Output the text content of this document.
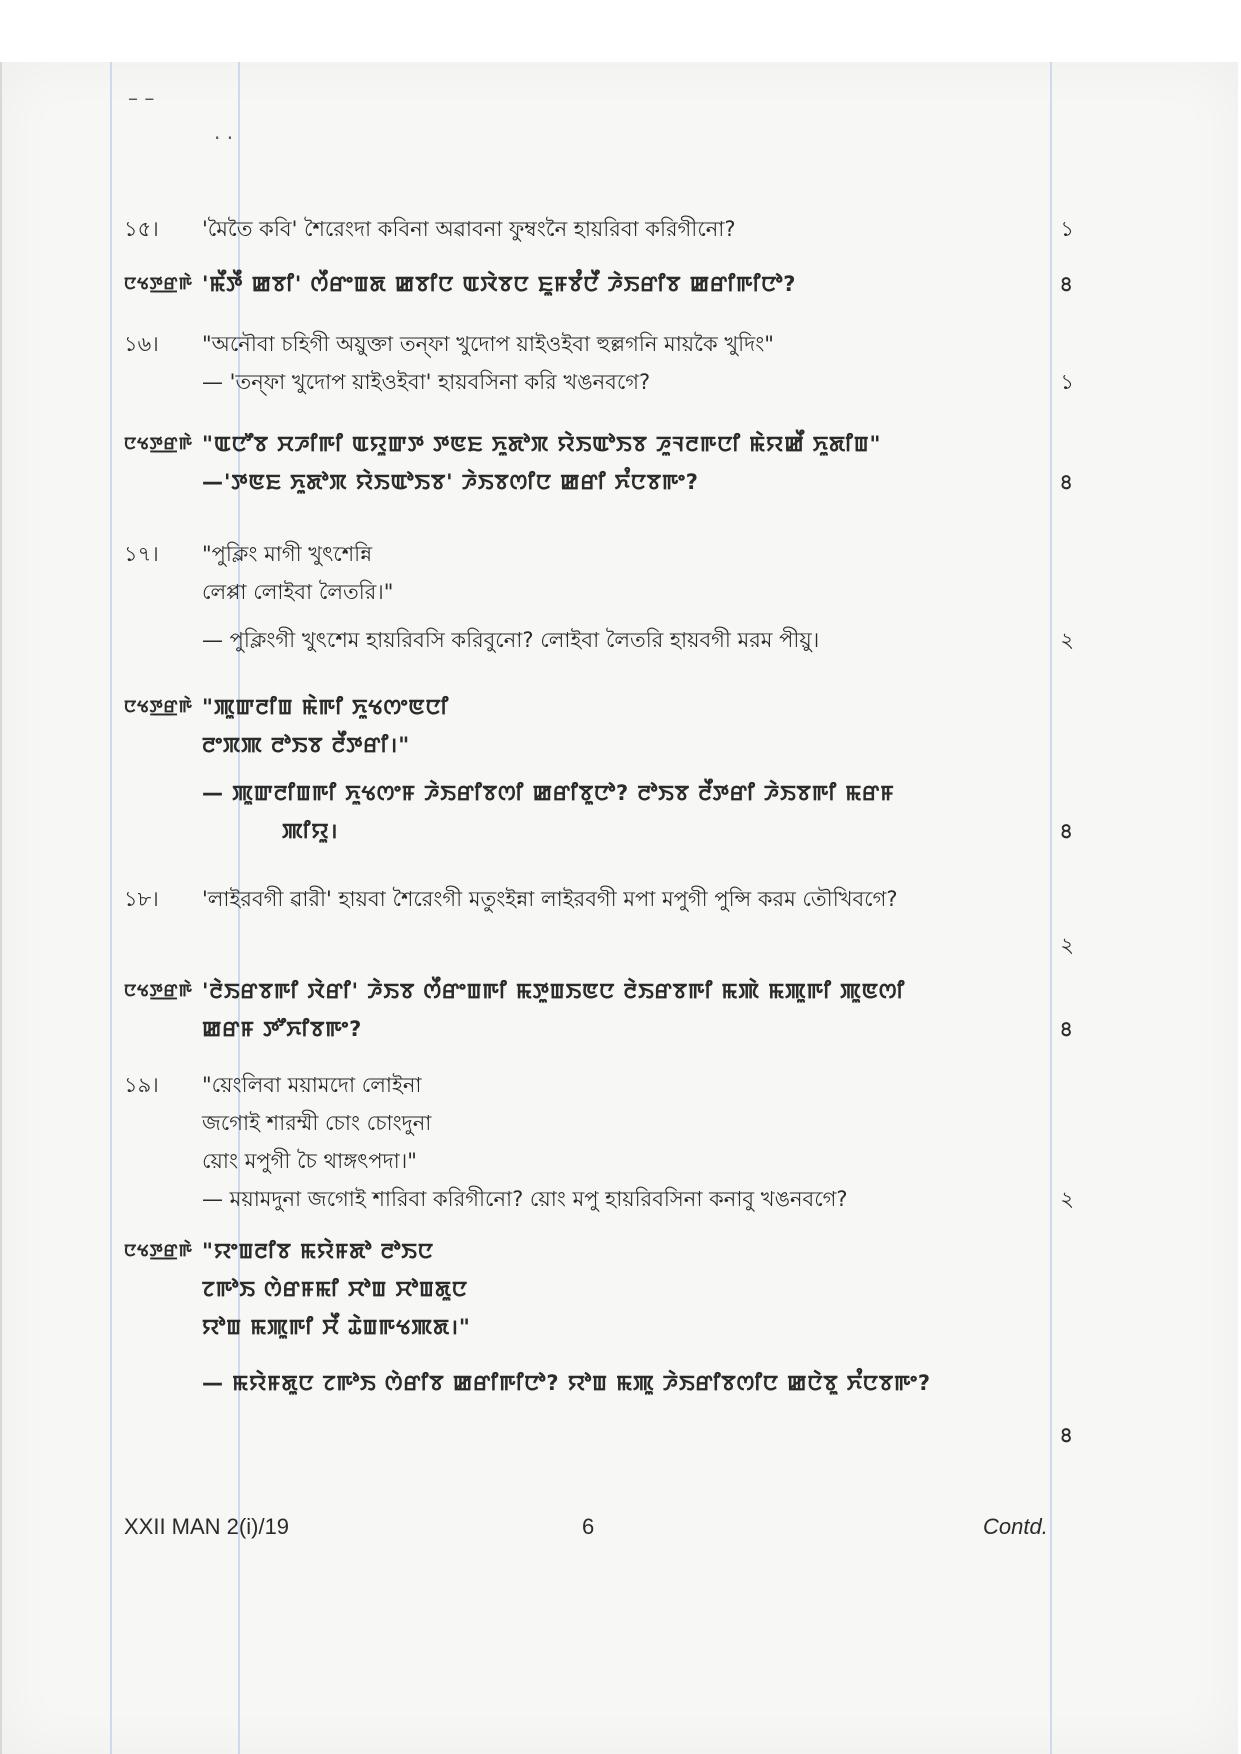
– –
. .
১৫।	'মৈতৈ কবি' শৈরেংদা কবিনা অৱাবনা ফুম্বংনৈ হায়রিবা করিগীনো?	১
ꯅꯠꯇ꯭ꯔꯒꯥ 'ꯃꯩꯇꯩ ꯀꯕꯤ' ꯁꯩꯔꯦꯡꯗ ꯀꯕꯤꯅ ꯑꯋꯥꯕꯅ ꯐꯨꯝꯕꯪꯅꯩ ꯍꯥꯏꯔꯤꯕ ꯀꯔꯤꯒꯤꯅꯣ?	৪
১৬।	"অনৌবা চহিগী অয়ুক্তা তন্ফা খুদোপ য়াইওইবা হুল্লগনি মায়কৈ খুদিং"
— 'তন্ফা খুদোপ য়াইওইবা' হায়বসিনা করি খঙনবগে?	১
ꯅꯠꯇ꯭ꯔꯒꯥ "ꯑꯅꯧꯕ ꯆꯍꯤꯒꯤ ꯑꯌꯨꯛꯇ ꯇꯟꯐ ꯈꯨꯗꯣꯞ ꯌꯥꯏꯑꯣꯏꯕ ꯍꯨꯜꯂꯒꯅꯤ ꯃꯥꯌꯀꯩ ꯈꯨꯗꯤꯡ"
—'ꯇꯟꯐ ꯈꯨꯗꯣꯞ ꯌꯥꯏꯑꯣꯏꯕ' ꯍꯥꯏꯕꯁꯤꯅ ꯀꯔꯤ ꯈꯪꯅꯕꯒꯦ?	৪
১৭।	"পুক্লিং মাগী খুৎশেন্নি
লেপ্পা লোইবা লৈতরি।"
— পুক্লিংগী খুৎশেম হায়রিবসি করিবুনো? লোইবা লৈতরি হায়বগী মরম পীয়ু।	২
ꯅꯠꯇ꯭ꯔꯒꯥ "ꯄꯨꯛꯂꯤꯡ ꯃꯥꯒꯤ ꯈꯨꯠꯁꯦꯟꯅꯤ
ꯂꯦꯞꯄ ꯂꯣꯏꯕ ꯂꯩꯇꯔꯤ।"
— ꯄꯨꯛꯂꯤꯡꯒꯤ ꯈꯨꯠꯁꯦꯝ ꯍꯥꯏꯔꯤꯕꯁꯤ ꯀꯔꯤꯕꯨꯅꯣ? ꯂꯣꯏꯕ ꯂꯩꯇꯔꯤ ꯍꯥꯏꯕꯒꯤ ꯃꯔꯝ
ꯄꯤꯌꯨ।	৪
১৮।	'লাইরবগী ৱারী' হায়বা শৈরেংগী মতুংইন্না লাইরবগী মপা মপুগী পুন্সি করম তৌখিবগে?
২
ꯅꯠꯇ꯭ꯔꯒꯥ 'ꯂꯥꯏꯔꯕꯒꯤ ꯋꯥꯔꯤ' ꯍꯥꯏꯕ ꯁꯩꯔꯦꯡꯒꯤ ꯃꯇꯨꯡꯏꯟꯅ ꯂꯥꯏꯔꯕꯒꯤ ꯃꯄꯥ ꯃꯄꯨꯒꯤ ꯄꯨꯟꯁꯤ
ꯀꯔꯝ ꯇꯧꯈꯤꯕꯒꯦ?	৪
১৯।	"য়েংলিবা ময়ামদো লোইনা
জগোই শারম্মী চোং চোংদুনা
য়োং মপুগী চৈ থাঙ্গৎপদা।"
— ময়ামদুনা জগোই শারিবা করিগীনো? য়োং মপু হায়রিবসিনা কনাবু খঙনবগে?	২
ꯅꯠꯇ꯭ꯔꯒꯥ "ꯌꯦꯡꯂꯤꯕ ꯃꯌꯥꯝꯗꯣ ꯂꯣꯏꯅ
ꯖꯒꯣꯏ ꯁꯥꯔꯝꯃꯤ ꯆꯣꯡ ꯆꯣꯡꯗꯨꯅ
ꯌꯣꯡ ꯃꯄꯨꯒꯤ ꯆꯩ ꯊꯥꯡꯒꯠꯄꯗ।"
— ꯃꯌꯥꯝꯗꯨꯅ ꯖꯒꯣꯏ ꯁꯥꯔꯤꯕ ꯀꯔꯤꯒꯤꯅꯣ? ꯌꯣꯡ ꯃꯄꯨ ꯍꯥꯏꯔꯤꯕꯁꯤꯅ ꯀꯅꯥꯕꯨ ꯈꯪꯅꯕꯒꯦ?
৪
XXII MAN 2(i)/19	6	Contd.
